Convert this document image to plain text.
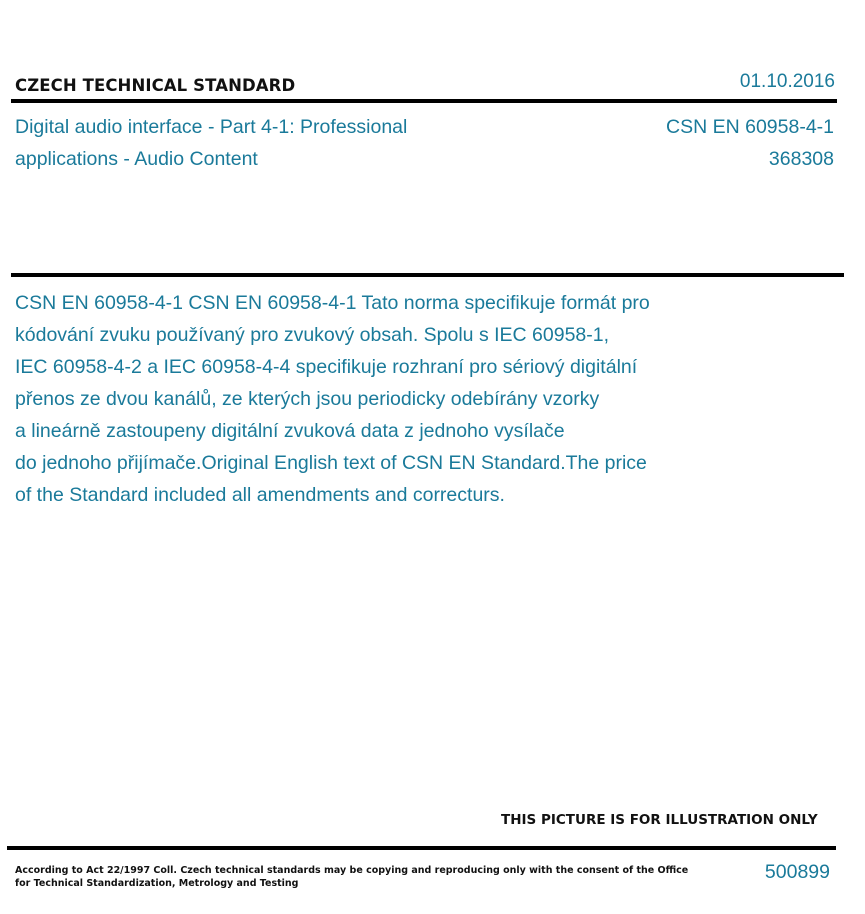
CZECH TECHNICAL STANDARD	01.10.2016
Digital audio interface - Part 4-1: Professional
applications - Audio Content
CSN EN 60958-4-1
368308
CSN EN 60958-4-1 CSN EN 60958-4-1 Tato norma specifikuje formát pro
kódování zvuku používaný pro zvukový obsah. Spolu s IEC 60958-1,
IEC 60958-4-2 a IEC 60958-4-4 specifikuje rozhraní pro sériový digitální
přenos ze dvou kanálů, ze kterých jsou periodicky odebírány vzorky
a lineárně zastoupeny digitální zvuková data z jednoho vysílače
do jednoho přijímače.Original English text of CSN EN Standard.The price
of the Standard included all amendments and correcturs.
THIS PICTURE IS FOR ILLUSTRATION ONLY
According to Act 22/1997 Coll. Czech technical standards may be copying and reproducing only with the consent of the Office
for Technical Standardization, Metrology and Testing
500899
